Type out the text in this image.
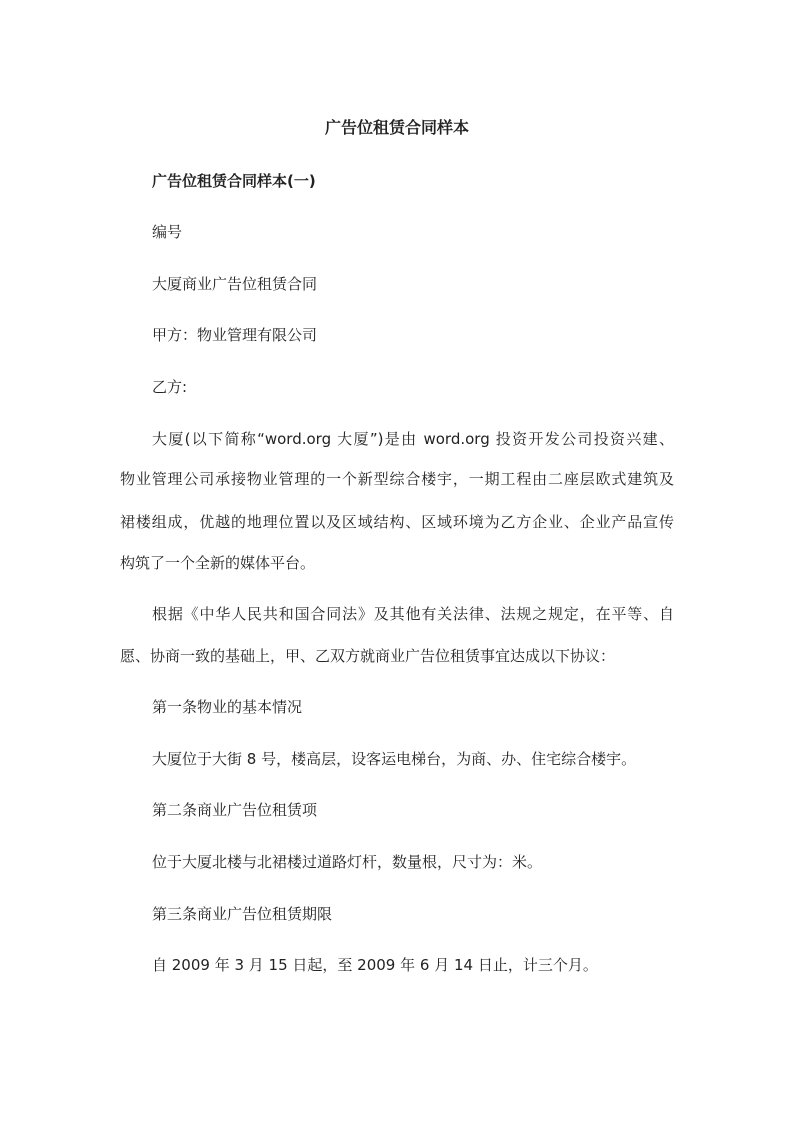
广告位租赁合同样本
广告位租赁合同样本(一)
编号
大厦商业广告位租赁合同
甲方：物业管理有限公司
乙方:
大厦(以下简称“word.org 大厦”)是由 word.org 投资开发公司投资兴建、
物业管理公司承接物业管理的一个新型综合楼宇，一期工程由二座层欧式建筑及
裙楼组成，优越的地理位置以及区域结构、区域环境为乙方企业、企业产品宣传
构筑了一个全新的媒体平台。
根据《中华人民共和国合同法》及其他有关法律、法规之规定，在平等、自
愿、协商一致的基础上，甲、乙双方就商业广告位租赁事宜达成以下协议：
第一条物业的基本情况
大厦位于大街 8 号，楼高层，设客运电梯台，为商、办、住宅综合楼宇。
第二条商业广告位租赁项
位于大厦北楼与北裙楼过道路灯杆，数量根，尺寸为：米。
第三条商业广告位租赁期限
自 2009 年 3 月 15 日起，至 2009 年 6 月 14 日止，计三个月。
